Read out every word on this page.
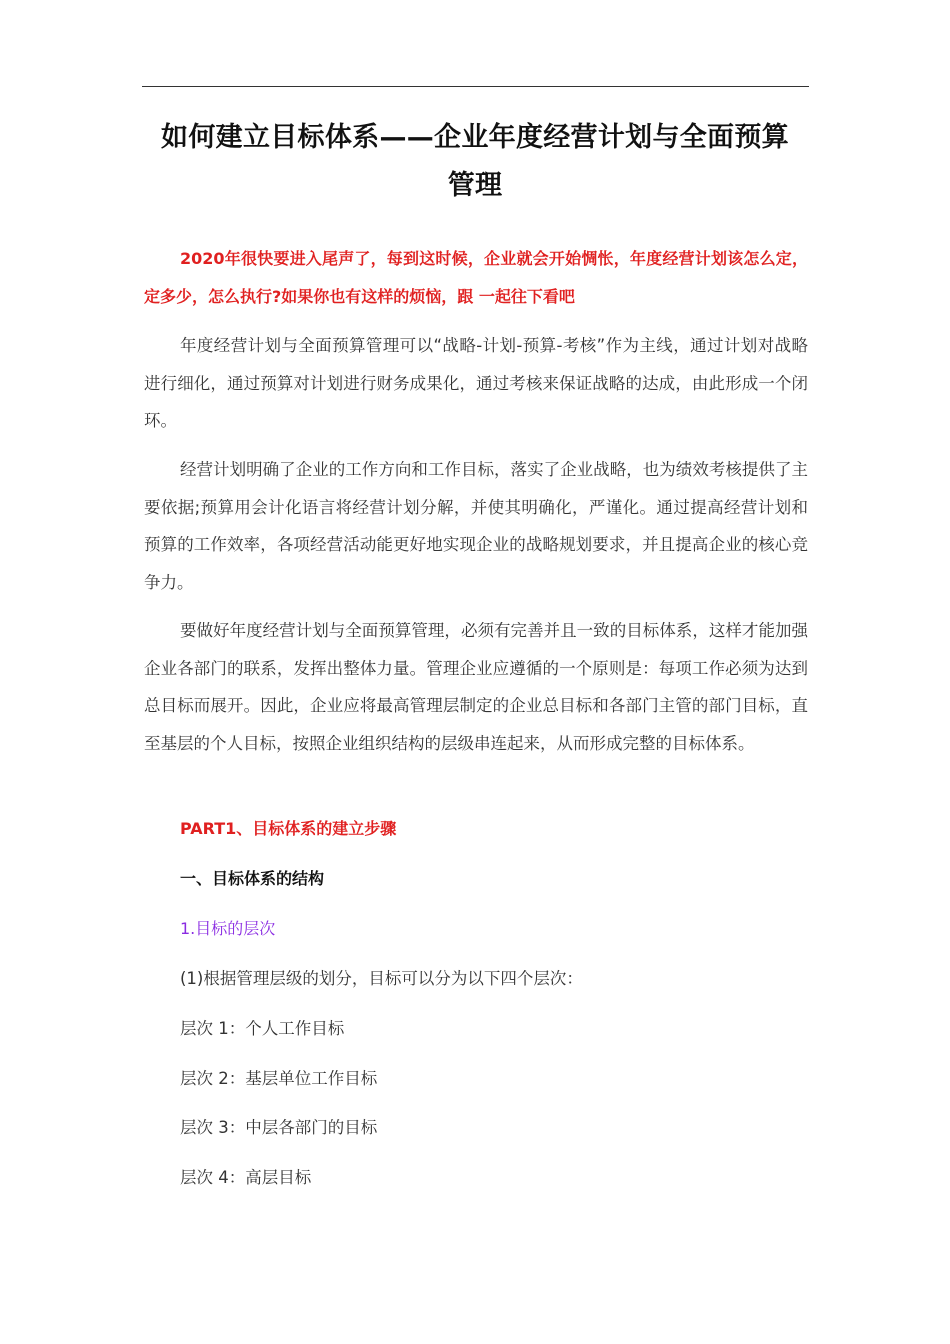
如何建立目标体系——企业年度经营计划与全面预算
管理

2020年很快要进入尾声了，每到这时候，企业就会开始惆怅，年度经营计划该怎么定，定多少，怎么执行?如果你也有这样的烦恼，跟 一起往下看吧

年度经营计划与全面预算管理可以“战略-计划-预算-考核”作为主线，通过计划对战略进行细化，通过预算对计划进行财务成果化，通过考核来保证战略的达成，由此形成一个闭环。

经营计划明确了企业的工作方向和工作目标，落实了企业战略，也为绩效考核提供了主要依据;预算用会计化语言将经营计划分解，并使其明确化，严谨化。通过提高经营计划和预算的工作效率，各项经营活动能更好地实现企业的战略规划要求，并且提高企业的核心竞争力。

要做好年度经营计划与全面预算管理，必须有完善并且一致的目标体系，这样才能加强企业各部门的联系，发挥出整体力量。管理企业应遵循的一个原则是：每项工作必须为达到总目标而展开。因此，企业应将最高管理层制定的企业总目标和各部门主管的部门目标，直至基层的个人目标，按照企业组织结构的层级串连起来，从而形成完整的目标体系。

PART1、目标体系的建立步骤
一、目标体系的结构
1.目标的层次

(1)根据管理层级的划分，目标可以分为以下四个层次：

层次 1：个人工作目标

层次 2：基层单位工作目标

层次 3：中层各部门的目标

层次 4：高层目标
